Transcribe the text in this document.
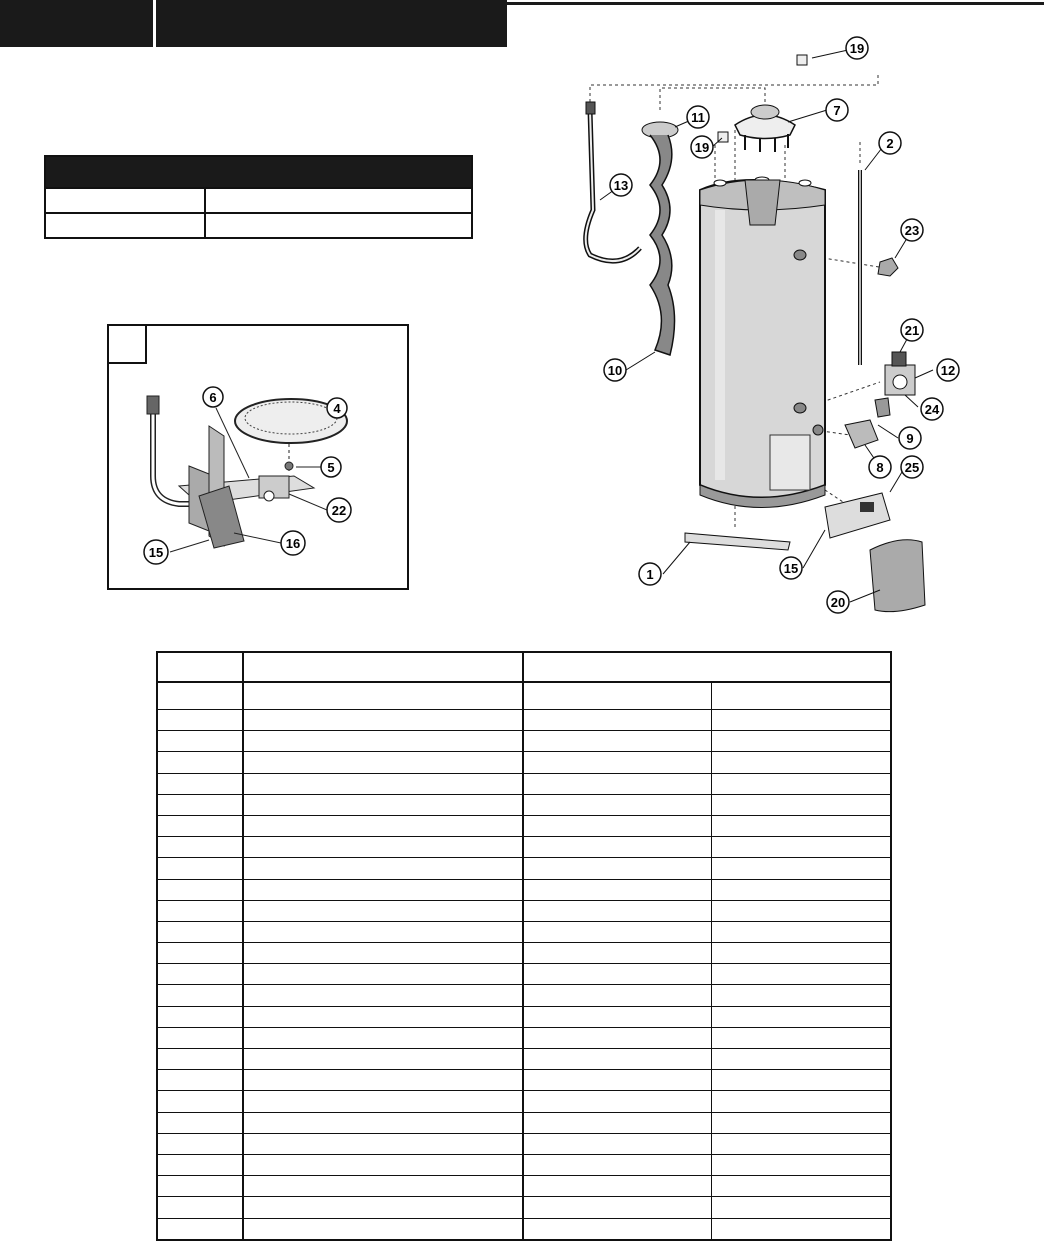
6
4
5
22
15
16
19
7
11
19	2
13
23
21
12
24
9
10
8 25
1	15
20
